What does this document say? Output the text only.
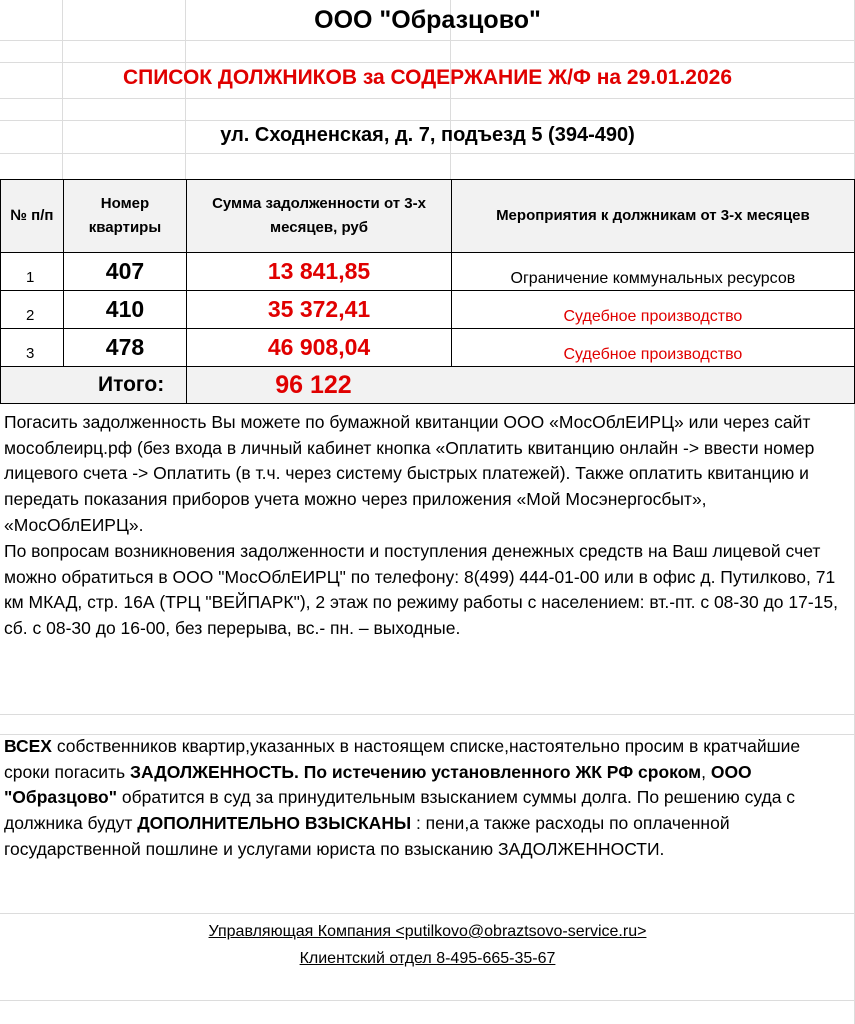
ООО "Образцово"
СПИСОК ДОЛЖНИКОВ за СОДЕРЖАНИЕ Ж/Ф на 29.01.2026
ул. Сходненская, д. 7, подъезд 5 (394-490)
№ п/п	Номер квартиры	Сумма задолженности от 3-х месяцев, руб	Мероприятия к должникам от 3-х месяцев
1	407	13 841,85	Ограничение коммунальных ресурсов
2	410	35 372,41	Судебное производство
3	478	46 908,04	Судебное производство
Итого:		96 122	
Погасить задолженность Вы можете по бумажной квитанции ООО «МосОблЕИРЦ» или через сайт мособлеирц.рф (без входа в личный кабинет кнопка «Оплатить квитанцию онлайн -> ввести номер лицевого счета -> Оплатить (в т.ч. через систему быстрых платежей). Также оплатить квитанцию и передать показания приборов учета можно через приложения «Мой Мосэнергосбыт», «МосОблЕИРЦ».
По вопросам возникновения задолженности и поступления денежных средств на Ваш лицевой счет можно обратиться в ООО "МосОблЕИРЦ" по телефону: 8(499) 444-01-00 или в офис д. Путилково, 71 км МКАД, стр. 16А (ТРЦ "ВЕЙПАРК"), 2 этаж по режиму работы с населением: вт.-пт. с 08-30 до 17-15, сб. с 08-30 до 16-00, без перерыва, вс.- пн. – выходные.
ВСЕХ собственников квартир,указанных в настоящем списке,настоятельно просим в кратчайшие сроки погасить ЗАДОЛЖЕННОСТЬ. По истечению установленного ЖК РФ сроком, ООО "Образцово" обратится в суд за принудительным взысканием суммы долга. По решению суда с должника будут ДОПОЛНИТЕЛЬНО ВЗЫСКАНЫ : пени,а также расходы по оплаченной государственной пошлине и услугами юриста по взысканию ЗАДОЛЖЕННОСТИ.
Управляющая Компания <putilkovo@obraztsovo-service.ru>
Клиентский отдел 8-495-665-35-67
